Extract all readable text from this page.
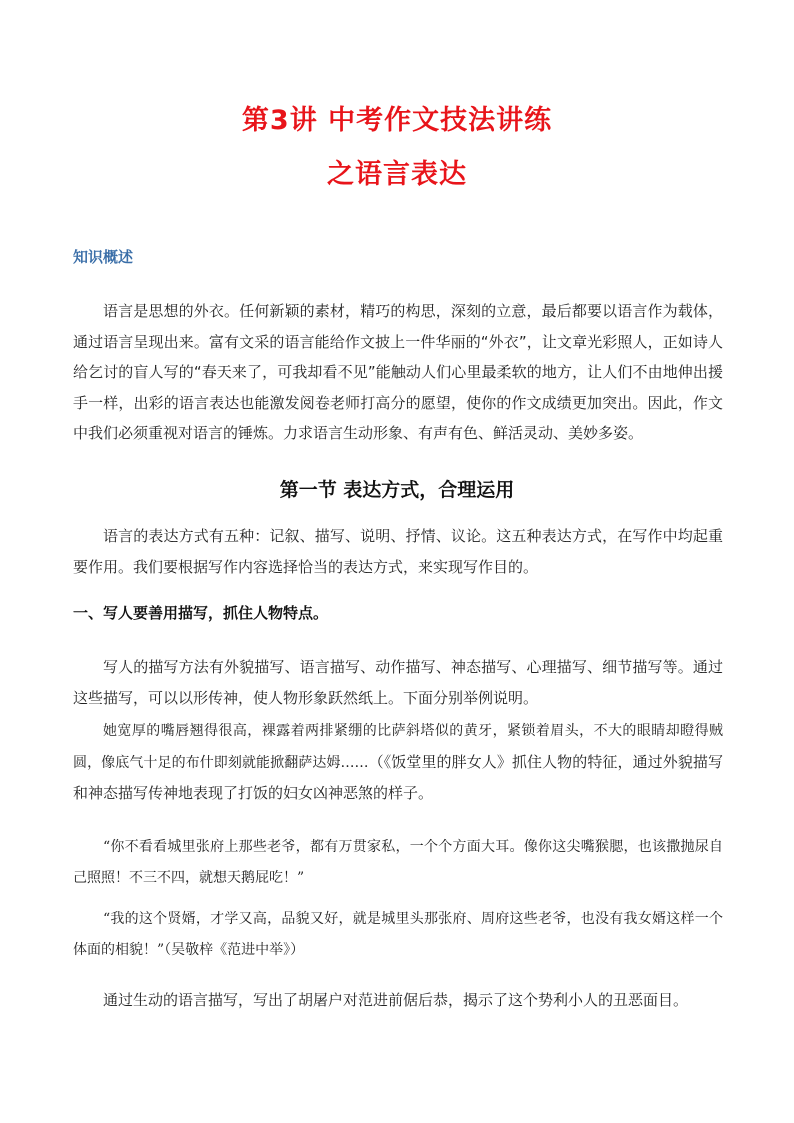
第3讲 中考作文技法讲练
之语言表达
知识概述

语言是思想的外衣。任何新颖的素材，精巧的构思，深刻的立意，最后都要以语言作为载体，通过语言呈现出来。富有文采的语言能给作文披上一件华丽的“外衣”，让文章光彩照人，正如诗人给乞讨的盲人写的“春天来了，可我却看不见”能触动人们心里最柔软的地方，让人们不由地伸出援手一样，出彩的语言表达也能激发阅卷老师打高分的愿望，使你的作文成绩更加突出。因此，作文中我们必须重视对语言的锤炼。力求语言生动形象、有声有色、鲜活灵动、美妙多姿。

第一节 表达方式，合理运用

语言的表达方式有五种：记叙、描写、说明、抒情、议论。这五种表达方式，在写作中均起重要作用。我们要根据写作内容选择恰当的表达方式，来实现写作目的。

一、写人要善用描写，抓住人物特点。

写人的描写方法有外貌描写、语言描写、动作描写、神态描写、心理描写、细节描写等。通过这些描写，可以以形传神，使人物形象跃然纸上。下面分别举例说明。

她宽厚的嘴唇翘得很高，裸露着两排紧绷的比萨斜塔似的黄牙，紧锁着眉头，不大的眼睛却瞪得贼圆，像底气十足的布什即刻就能掀翻萨达姆……（《饭堂里的胖女人》抓住人物的特征，通过外貌描写和神态描写传神地表现了打饭的妇女凶神恶煞的样子。

“你不看看城里张府上那些老爷，都有万贯家私，一个个方面大耳。像你这尖嘴猴腮，也该撒抛尿自己照照！不三不四，就想天鹅屁吃！”

“我的这个贤婿，才学又高，品貌又好，就是城里头那张府、周府这些老爷，也没有我女婿这样一个体面的相貌！”（吴敬梓《范进中举》）

通过生动的语言描写，写出了胡屠户对范进前倨后恭，揭示了这个势利小人的丑恶面目。
